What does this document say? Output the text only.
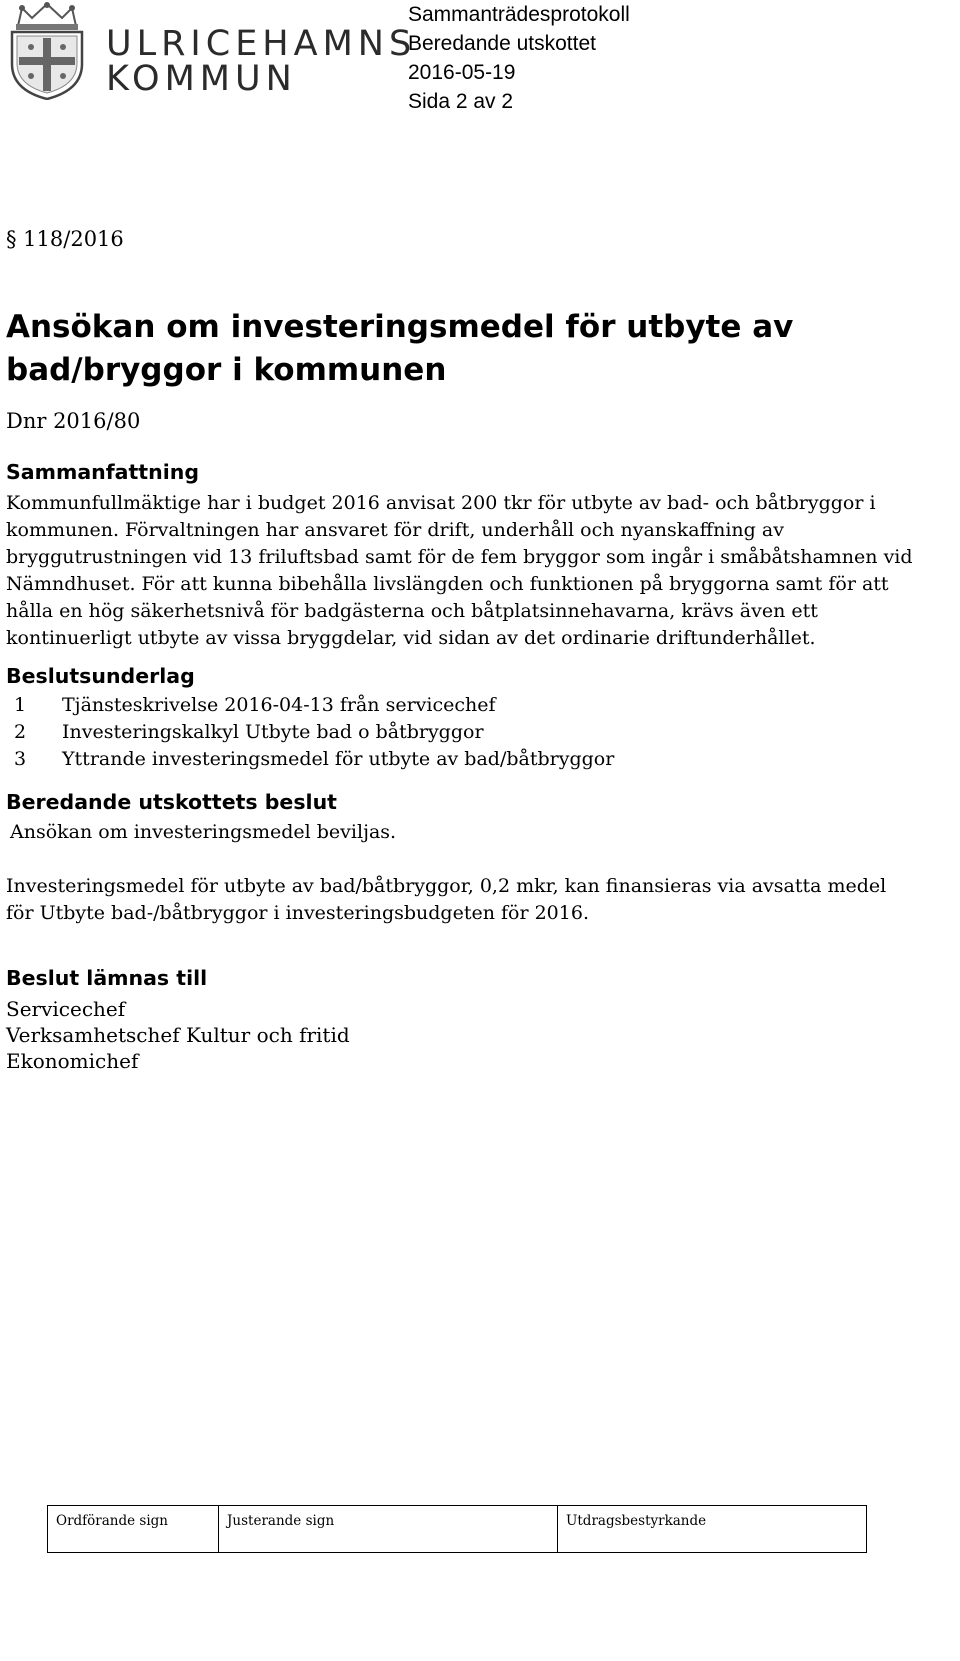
ULRICEHAMNS
KOMMUN
Sammanträdesprotokoll
Beredande utskottet
2016-05-19
Sida 2 av 2
§ 118/2016
Ansökan om investeringsmedel för utbyte av bad/bryggor i kommunen
Dnr 2016/80
Sammanfattning
Kommunfullmäktige har i budget 2016 anvisat 200 tkr för utbyte av bad- och båtbryggor i
kommunen. Förvaltningen har ansvaret för drift, underhåll och nyanskaffning av
bryggutrustningen vid 13 friluftsbad samt för de fem bryggor som ingår i småbåtshamnen vid
Nämndhuset. För att kunna bibehålla livslängden och funktionen på bryggorna samt för att
hålla en hög säkerhetsnivå för badgästerna och båtplatsinnehavarna, krävs även ett
kontinuerligt utbyte av vissa bryggdelar, vid sidan av det ordinarie driftunderhållet.
Beslutsunderlag
1 Tjänsteskrivelse 2016-04-13 från servicechef
2 Investeringskalkyl Utbyte bad o båtbryggor
3 Yttrande investeringsmedel för utbyte av bad/båtbryggor
Beredande utskottets beslut
Ansökan om investeringsmedel beviljas.
Investeringsmedel för utbyte av bad/båtbryggor, 0,2 mkr, kan finansieras via avsatta medel
för Utbyte bad-/båtbryggor i investeringsbudgeten för 2016.
Beslut lämnas till
Servicechef
Verksamhetschef Kultur och fritid
Ekonomichef
Ordförande sign	Justerande sign	Utdragsbestyrkande
